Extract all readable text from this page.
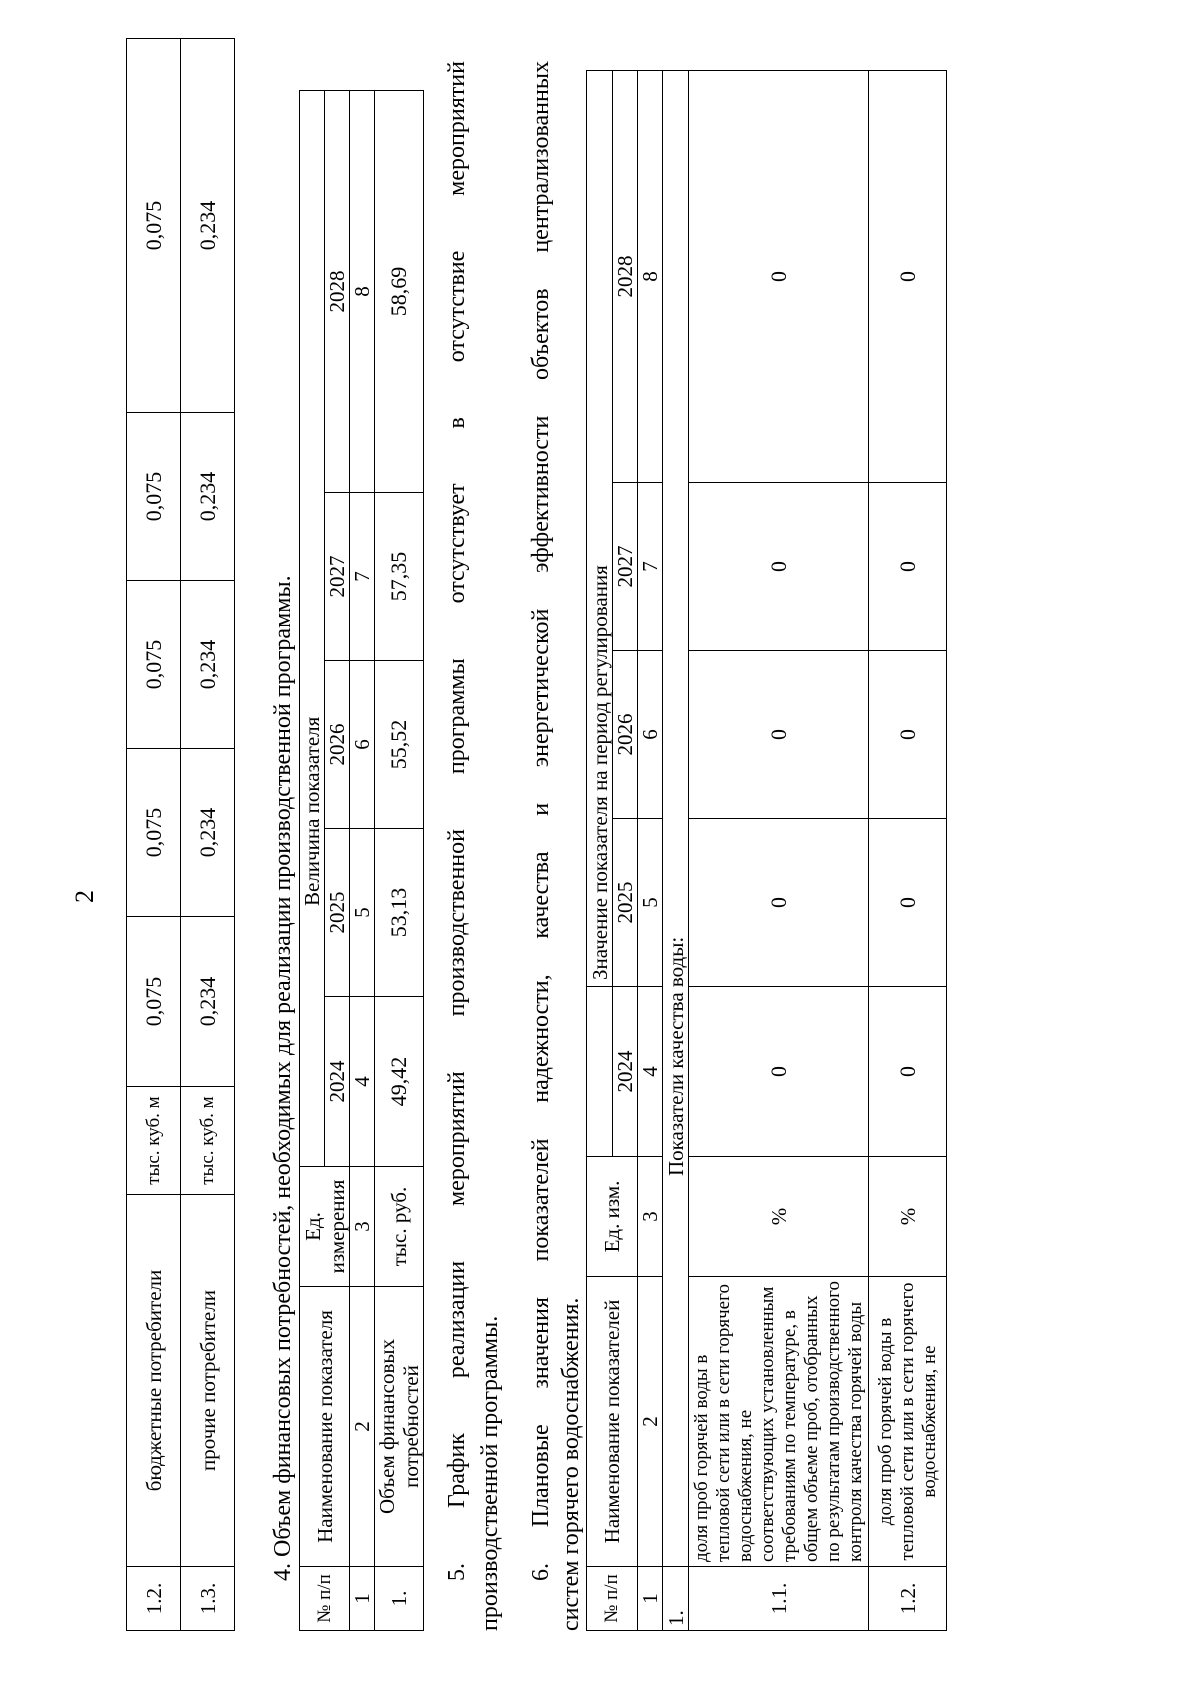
2
1.2.	бюджетные потребители	тыс. куб. м	0,075	0,075	0,075	0,075	0,075
1.3.	прочие потребители	тыс. куб. м	0,234	0,234	0,234	0,234	0,234
4. Объем финансовых потребностей, необходимых для реализации производственной программы.
№ п/п	Наименование показателя	Ед. измерения	Величина показателя				
			2024	2025	2026	2027	2028
1	2	3	4	5	6	7	8
1.	Объем финансовых потребностей	тыс. руб.	49,42	53,13	55,52	57,35	58,69
5.
График
реализации
мероприятий
производственной
программы
отсутствует
в
отсутствие
мероприятий
производственной программы. 6.
Плановые
значения
показателей
надежности,
качества
и
энергетической
эффективности
объектов
централизованных
систем горячего водоснабжения. № п/п	Наименование показателей	Ед. изм.		Значение показателя на период регулирования			
			2024	2025	2026	2027	2028
1	2	3	4	5	6	7	8
1.	Показатели качества воды:						
1.1.	доля проб горячей воды в тепловой сети или в сети горячего водоснабжения, не соответствующих установленным требованиям по температуре, в общем объеме проб, отобранных по результатам производственного контроля качества горячей воды	%	0	0	0	0	0
1.2.	доля проб горячей воды в тепловой сети или в сети горячего водоснабжения, не	%	0	0	0	0	0
